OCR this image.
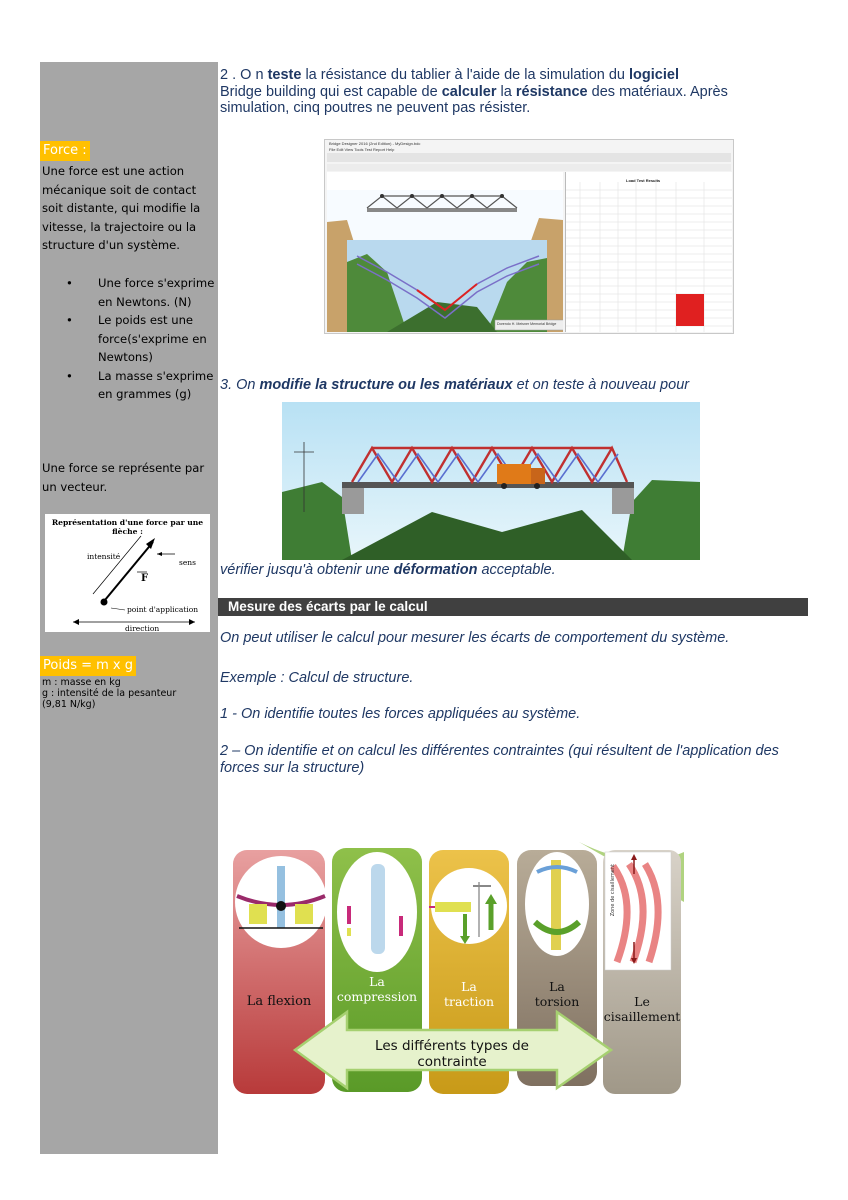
Force :
Une force est une action mécanique soit de contact soit distante, qui modifie la vitesse, la trajectoire ou la structure d'un système.
• Une force s'exprime en Newtons. (N)
• Le poids est une force(s'exprime en Newtons)
• La masse s'exprime en grammes (g)
Une force se représente par un vecteur.
Représentation d'une force par une flèche :
intensité
sens
F
point d'application
direction
Poids = m x g
m : masse en kg
g : intensité de la pesanteur
(9,81 N/kg)
2 . O n teste la résistance du tablier à l'aide de la simulation du logiciel
Bridge building qui est capable de calculer la résistance des matériaux. Après simulation, cinq poutres ne peuvent pas résister.
Bridge Designer 2016 (2nd Edition) - MyDesign.bdc
File Edit View Tools Test Report Help
Dorendo H. Meisner Memorial Bridge
Load Test Results
3. On modifie la structure ou les matériaux et on teste à nouveau pour
vérifier jusqu'à obtenir une déformation acceptable.
Mesure des écarts par le calcul
On peut utiliser le calcul pour mesurer les écarts de comportement du système.
Exemple : Calcul de structure.
1 - On identifie toutes les forces appliquées au système.
2 – On identifie et on calcul les différentes contraintes (qui résultent de l'application des forces sur la structure)
La flexion
La
compression
La
traction
La
torsion	Le
cisaillement
Les différents types de contrainte
Zone de cisaillement
